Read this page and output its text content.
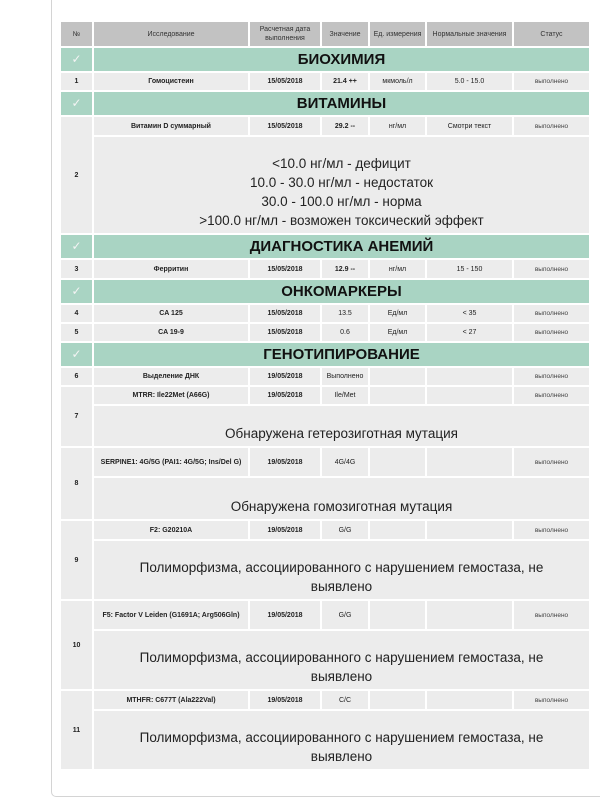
№	Исследование	Расчетная дата выполнения	Значение	Ед. измерения	Нормальные значения	Статус
✓	БИОХИМИЯ					
1	Гомоцистеин	15/05/2018	21.4 ++	мкмоль/л	5.0 - 15.0	выполнено
✓	ВИТАМИНЫ					
2	Витамин D суммарный	15/05/2018	29.2 --	нг/мл	Смотри текст	выполнено

	<10.0 нг/мл - дефицит
10.0 - 30.0 нг/мл - недостаток
30.0 - 100.0 нг/мл - норма
>100.0 нг/мл - возможен токсический эффект					

✓	ДИАГНОСТИКА АНЕМИЙ					
3	Ферритин	15/05/2018	12.9 --	нг/мл	15 - 150	выполнено
✓	ОНКОМАРКЕРЫ					
4	CA 125	15/05/2018	13.5	Ед/мл	< 35	выполнено
5	CA 19-9	15/05/2018	0.6	Ед/мл	< 27	выполнено
✓	ГЕНОТИПИРОВАНИЕ					
6	Выделение ДНК	19/05/2018	Выполнено			выполнено
7	MTRR: Ile22Met (A66G)	19/05/2018	Ile/Met			выполнено

	Обнаружена гетерозиготная мутация					

8	SERPINE1: 4G/5G (PAI1: 4G/5G; Ins/Del G)	19/05/2018	4G/4G			выполнено

	Обнаружена гомозиготная мутация					

9	F2: G20210A	19/05/2018	G/G			выполнено

	Полиморфизма, ассоциированного с нарушением гемостаза, не выявлено					

10	F5: Factor V Leiden (G1691A; Arg506Gln)	19/05/2018	G/G			выполнено

	Полиморфизма, ассоциированного с нарушением гемостаза, не выявлено					

11	MTHFR: C677T (Ala222Val)	19/05/2018	C/C			выполнено

	Полиморфизма, ассоциированного с нарушением гемостаза, не выявлено					
